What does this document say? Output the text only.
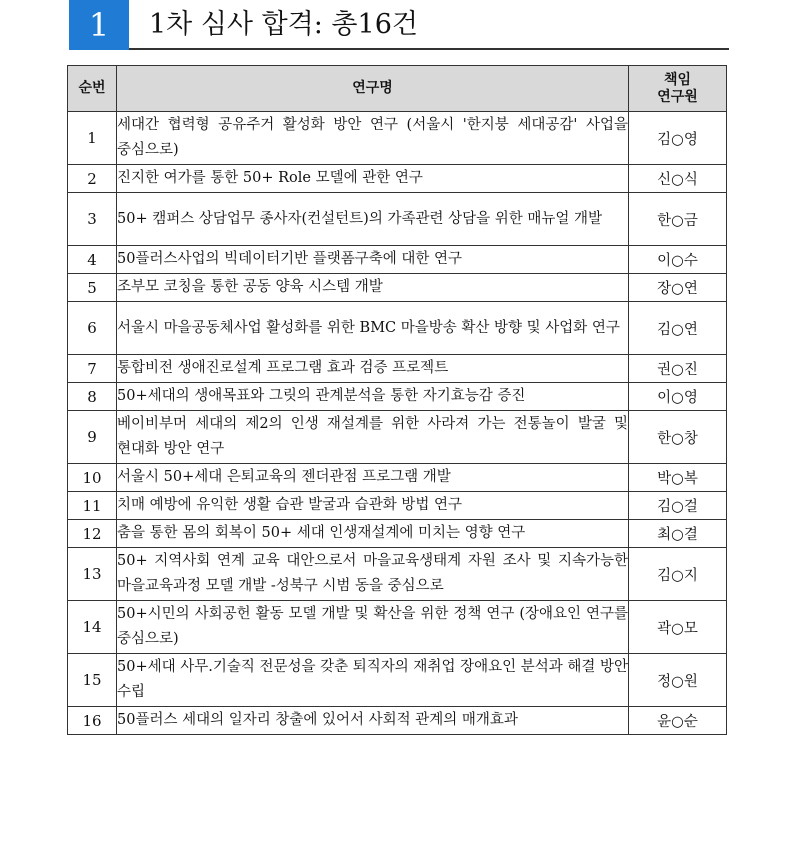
1	1차 심사 합격: 총16건
순번	연구명	책임
연구원
1	세대간 협력형 공유주거 활성화 방안 연구 (서울시 '한지붕 세대공감' 사업을 중심으로)	김○영
2	진지한 여가를 통한 50+ Role 모델에 관한 연구	신○식
3	50+ 캠퍼스 상담업무 종사자(컨설턴트)의 가족관련 상담을 위한 매뉴얼 개발	한○금
4	50플러스사업의 빅데이터기반 플랫폼구축에 대한 연구	이○수
5	조부모 코칭을 통한 공동 양육 시스템 개발	장○연
6	서울시 마을공동체사업 활성화를 위한 BMC 마을방송 확산 방향 및 사업화 연구	김○연
7	통합비전 생애진로설계 프로그램 효과 검증 프로젝트	권○진
8	50+세대의 생애목표와 그릿의 관계분석을 통한 자기효능감 증진	이○영
9	베이비부머 세대의 제2의 인생 재설계를 위한 사라져 가는 전통놀이 발굴 및 현대화 방안 연구	한○창
10	서울시 50+세대 은퇴교육의 젠더관점 프로그램 개발	박○복
11	치매 예방에 유익한 생활 습관 발굴과 습관화 방법 연구	김○걸
12	춤을 통한 몸의 회복이 50+ 세대 인생재설계에 미치는 영향 연구	최○결
13	50+ 지역사회 연계 교육 대안으로서 마을교육생태계 자원 조사 및 지속가능한 마을교육과정 모델 개발 -성북구 시범 동을 중심으로	김○지
14	50+시민의 사회공헌 활동 모델 개발 및 확산을 위한 정책 연구 (장애요인 연구를 중심으로)	곽○모
15	50+세대 사무.기술직 전문성을 갖춘 퇴직자의 재취업 장애요인 분석과 해결 방안 수립	정○원
16	50플러스 세대의 일자리 창출에 있어서 사회적 관계의 매개효과	윤○순
